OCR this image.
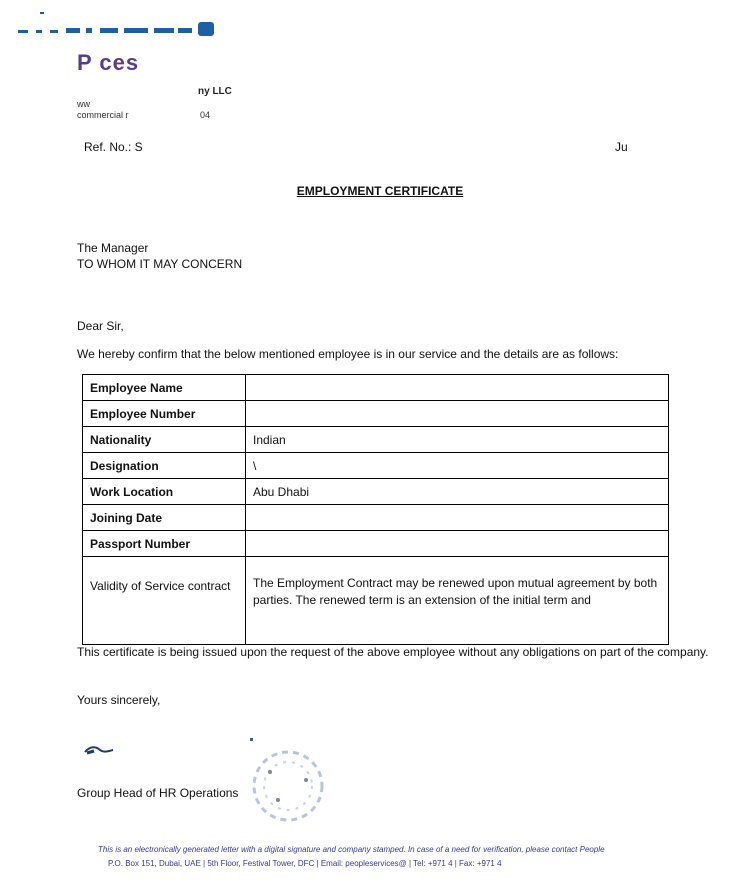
P ces
ny LLC
ww
commercial r	04
Ref. No.: S	Ju
EMPLOYMENT CERTIFICATE
The Manager
TO WHOM IT MAY CONCERN
Dear Sir,
We hereby confirm that the below mentioned employee is in our service and the details are as follows:
Employee Name	
Employee Number	
Nationality	Indian
Designation	\
Work Location	Abu Dhabi
Joining Date	
Passport Number	
Validity of Service contract	The Employment Contract may be renewed upon mutual agreement by both parties. The renewed term is an extension of the initial term and
This certificate is being issued upon the request of the above employee without any obligations on part of the company.
Yours sincerely,
Group Head of HR Operations
This is an electronically generated letter with a digital signature and company stamped. In case of a need for verification, please contact People
P.O. Box 151, Dubai, UAE | 5th Floor, Festival Tower, DFC | Email: peopleservices@ | Tel: +971 4 | Fax: +971 4
